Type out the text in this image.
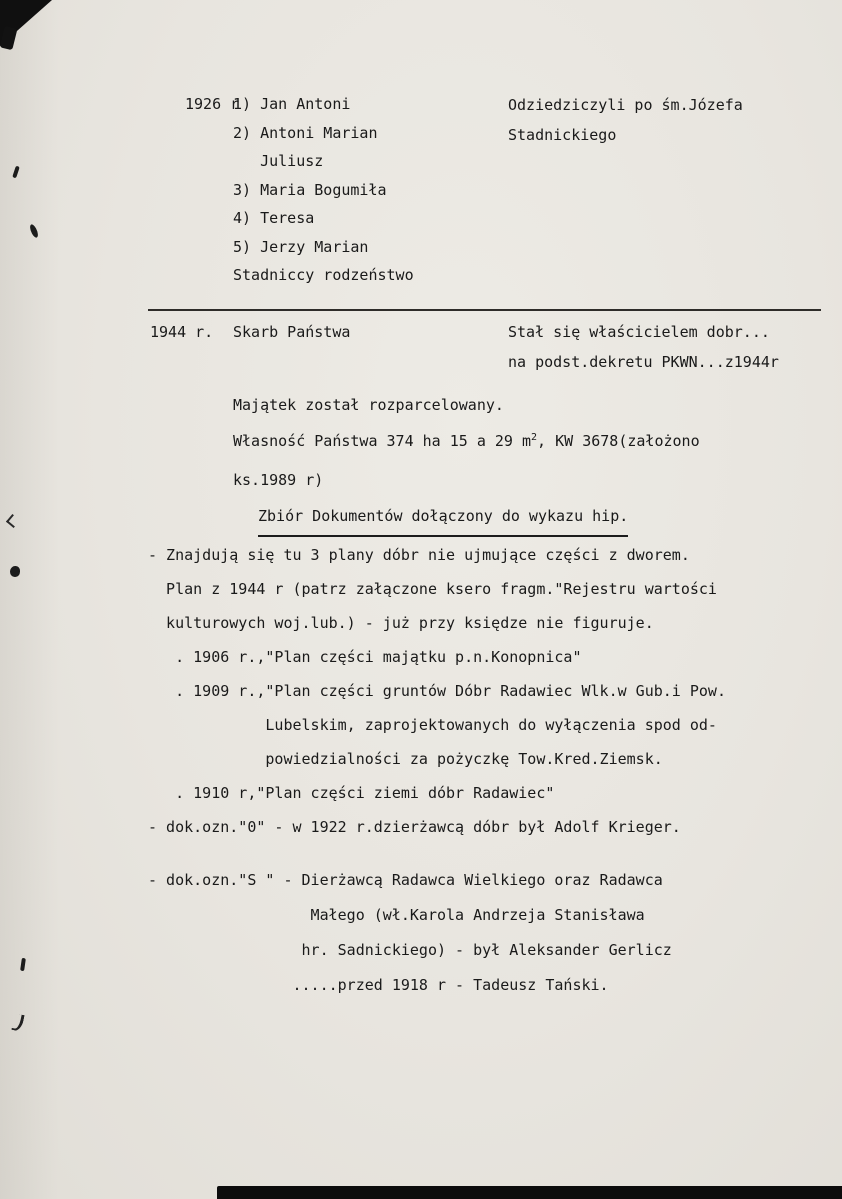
1926 r
1) Jan Antoni
2) Antoni Marian
Juliusz
3) Maria Bogumiła
4) Teresa
5) Jerzy Marian
Stadniccy rodzeństwo
Odziedziczyli po śm.Józefa
Stadnickiego
1944 r. Skarb Państwa	Stał się właścicielem dobr...
na podst.dekretu PKWN...z1944r
Majątek został rozparcelowany.
Własność Państwa 374 ha 15 a 29 $m^2$, KW 3678(założono
ks.1989 r)
Zbiór Dokumentów dołączony do wykazu hip.
- Znajdują się tu 3 plany dóbr nie ujmujące części z dworem.
Plan z 1944 r (patrz załączone ksero fragm."Rejestru wartości
kulturowych woj.lub.) - już przy księdze nie figuruje.
. 1906 r.,"Plan części majątku p.n.Konopnica"
. 1909 r.,"Plan części gruntów Dóbr Radawiec Wlk.w Gub.i Pow.
Lubelskim, zaprojektowanych do wyłączenia spod od-
powiedzialności za pożyczkę Tow.Kred.Ziemsk.
. 1910 r,"Plan części ziemi dóbr Radawiec"
- dok.ozn."0" - w 1922 r.dzierżawcą dóbr był Adolf Krieger.
- dok.ozn."S " - Dierżawcą Radawca Wielkiego oraz Radawca
Małego (wł.Karola Andrzeja Stanisława
hr. Sadnickiego) - był Aleksander Gerlicz
.....przed 1918 r - Tadeusz Tański.
